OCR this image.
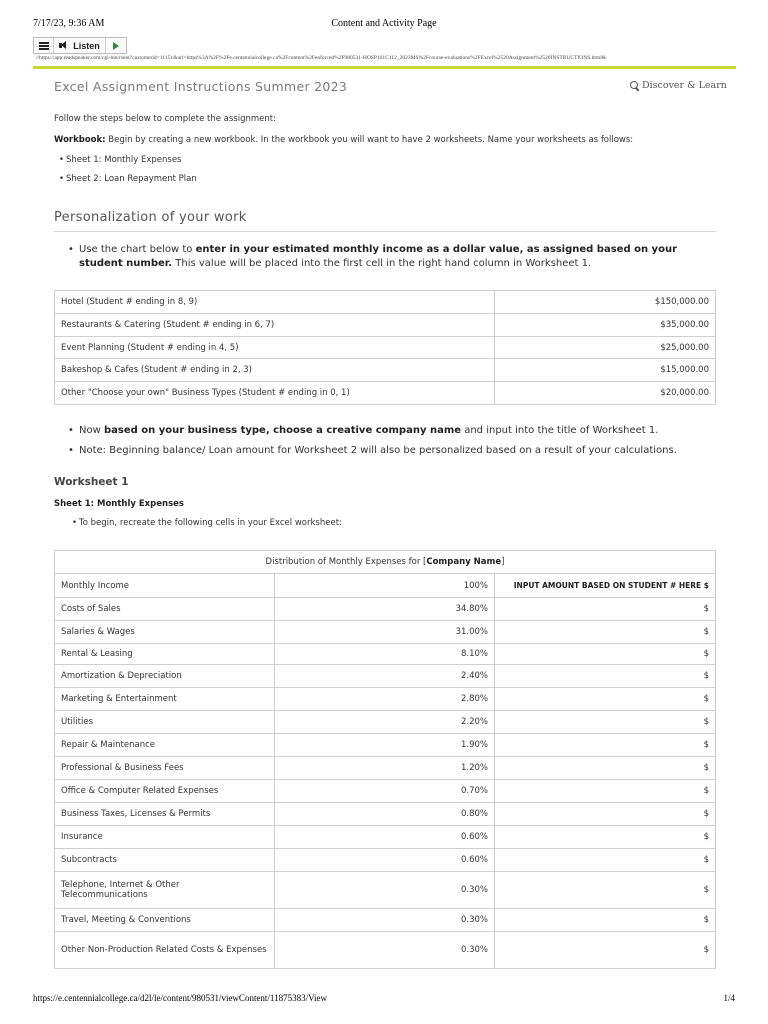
7/17/23, 9:36 AM	Content and Activity Page
Listen
//https://app.readspeaker.com/cgi-bin/rsent?customerid=11151&url=https%3A%2F%2Fe.centennialcollege.ca%2Fcontent%2Fenforced%2F980531-HOSP101C112_2023MS%2Fcourse-evaluations%2FExcel%2520Assignment%2520INSTRUCTIONS.html&
Excel Assignment Instructions Summer 2023	Discover & Learn
Follow the steps below to complete the assignment:
Workbook: Begin by creating a new workbook. In the workbook you will want to have 2 worksheets. Name your worksheets as follows:
• Sheet 1: Monthly Expenses
• Sheet 2: Loan Repayment Plan
Personalization of your work
• Use the chart below to enter in your estimated monthly income as a dollar value, as assigned based on your student number. This value will be placed into the first cell in the right hand column in Worksheet 1.
Hotel (Student # ending in 8, 9)	$150,000.00
Restaurants & Catering (Student # ending in 6, 7)	$35,000.00
Event Planning (Student # ending in 4, 5)	$25,000.00
Bakeshop & Cafes (Student # ending in 2, 3)	$15,000.00
Other "Choose your own" Business Types (Student # ending in 0, 1)	$20,000.00
• Now based on your business type, choose a creative company name and input into the title of Worksheet 1.
• Note: Beginning balance/ Loan amount for Worksheet 2 will also be personalized based on a result of your calculations.
Worksheet 1
Sheet 1: Monthly Expenses
• To begin, recreate the following cells in your Excel worksheet:
Distribution of Monthly Expenses for [Company Name]		
Monthly Income	100%	INPUT AMOUNT BASED ON STUDENT # HERE $
Costs of Sales	34.80%	$
Salaries & Wages	31.00%	$
Rental & Leasing	8.10%	$
Amortization & Depreciation	2.40%	$
Marketing & Entertainment	2.80%	$
Utilities	2.20%	$
Repair & Maintenance	1.90%	$
Professional & Business Fees	1.20%	$
Office & Computer Related Expenses	0.70%	$
Business Taxes, Licenses & Permits	0.80%	$
Insurance	0.60%	$
Subcontracts	0.60%	$
Telephone, Internet & Other Telecommunications	0.30%	$
Travel, Meeting & Conventions	0.30%	$
Other Non-Production Related Costs & Expenses	0.30%	$
https://e.centennialcollege.ca/d2l/le/content/980531/viewContent/11875383/View	1/4
